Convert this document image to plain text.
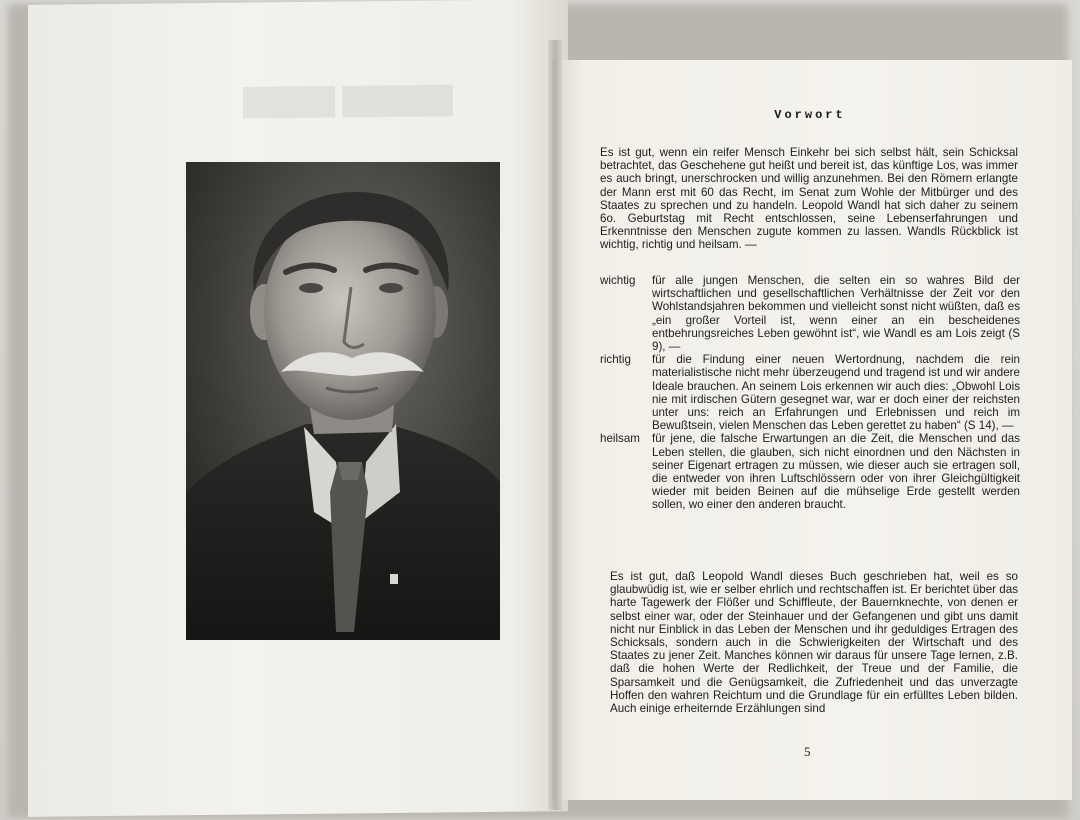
█████ ██████	Vorwort

Es ist gut, wenn ein reifer Mensch Einkehr bei sich selbst hält, sein Schicksal betrachtet, das Geschehene gut heißt und bereit ist, das künftige Los, was immer es auch bringt, unerschrocken und willig anzunehmen. Bei den Römern erlangte der Mann erst mit 60 das Recht, im Senat zum Wohle der Mitbürger und des Staates zu sprechen und zu handeln. Leopold Wandl hat sich daher zu seinem 6o. Geburtstag mit Recht entschlossen, seine Lebenserfahrungen und Erkenntnisse den Menschen zugute kommen zu lassen. Wandls Rückblick ist wichtig, richtig und heilsam. —

wichtig	für alle jungen Menschen, die selten ein so wahres Bild der wirtschaftlichen und gesellschaftlichen Verhältnisse der Zeit vor den Wohlstandsjahren bekommen und vielleicht sonst nicht wüßten, daß es „ein großer Vorteil ist, wenn einer an ein bescheidenes entbehrungsreiches Leben gewöhnt ist“, wie Wandl es am Lois zeigt (S 9), —
richtig	für die Findung einer neuen Wertordnung, nachdem die rein materialistische nicht mehr überzeugend und tragend ist und wir andere Ideale brauchen. An seinem Lois erkennen wir auch dies: „Obwohl Lois nie mit irdischen Gütern gesegnet war, war er doch einer der reichsten unter uns: reich an Erfahrungen und Erlebnissen und reich im Bewußtsein, vielen Menschen das Leben gerettet zu haben“ (S 14), —
heilsam	für jene, die falsche Erwartungen an die Zeit, die Menschen und das Leben stellen, die glauben, sich nicht einordnen und den Nächsten in seiner Eigenart ertragen zu müssen, wie dieser auch sie ertragen soll, die entweder von ihren Luftschlössern oder von ihrer Gleichgültigkeit wieder mit beiden Beinen auf die mühselige Erde gestellt werden sollen, wo einer den anderen braucht.

Es ist gut, daß Leopold Wandl dieses Buch geschrieben hat, weil es so glaubwüdig ist, wie er selber ehrlich und rechtschaffen ist. Er berichtet über das harte Tagewerk der Flößer und Schiffleute, der Bauernknechte, von denen er selbst einer war, oder der Steinhauer und der Gefangenen und gibt uns damit nicht nur Einblick in das Leben der Menschen und ihr geduldiges Ertragen des Schicksals, sondern auch in die Schwierigkeiten der Wirtschaft und des Staates zu jener Zeit. Manches können wir daraus für unsere Tage lernen, z.B. daß die hohen Werte der Redlichkeit, der Treue und der Familie, die Sparsamkeit und die Genügsamkeit, die Zufriedenheit und das unverzagte Hoffen den wahren Reichtum und die Grundlage für ein erfülltes Leben bilden. Auch einige erheiternde Erzählungen sind

5
